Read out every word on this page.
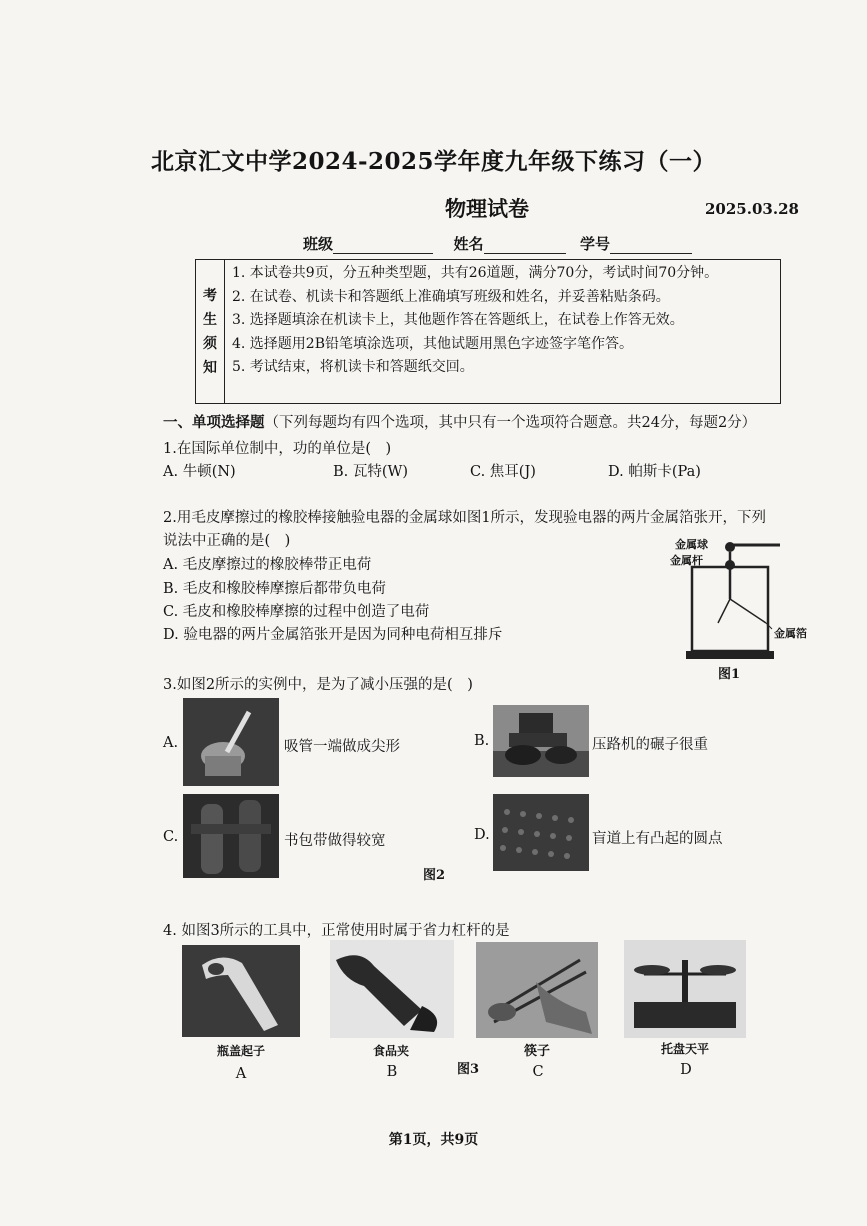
北京汇文中学2024-2025学年度九年级下练习（一）
物理试卷	2025.03.28
班级	姓名	学号
考
生
须
知
1. 本试卷共9页，分五种类型题，共有26道题，满分70分，考试时间70分钟。
2. 在试卷、机读卡和答题纸上准确填写班级和姓名，并妥善粘贴条码。
3. 选择题填涂在机读卡上，其他题作答在答题纸上，在试卷上作答无效。
4. 选择题用2B铅笔填涂选项，其他试题用黑色字迹签字笔作答。
5. 考试结束，将机读卡和答题纸交回。
一、单项选择题（下列每题均有四个选项，其中只有一个选项符合题意。共24分，每题2分）
1.在国际单位制中，功的单位是(　)
A. 牛顿(N)	B. 瓦特(W)	C. 焦耳(J)	D. 帕斯卡(Pa)
2.用毛皮摩擦过的橡胶棒接触验电器的金属球如图1所示，发现验电器的两片金属箔张开，下列
说法中正确的是(　)
A. 毛皮摩擦过的橡胶棒带正电荷
B. 毛皮和橡胶棒摩擦后都带负电荷
C. 毛皮和橡胶棒摩擦的过程中创造了电荷
D. 验电器的两片金属箔张开是因为同种电荷相互排斥
金属球
金属杆
金属箔
图1
3.如图2所示的实例中，是为了减小压强的是(　)
A.	吸管一端做成尖形	B.	压路机的碾子很重
C.	书包带做得较宽	D.	盲道上有凸起的圆点
图2
4. 如图3所示的工具中，正常使用时属于省力杠杆的是
瓶盖起子	食品夹	筷子	托盘天平
A	B	图3	C	D
第1页，共9页
